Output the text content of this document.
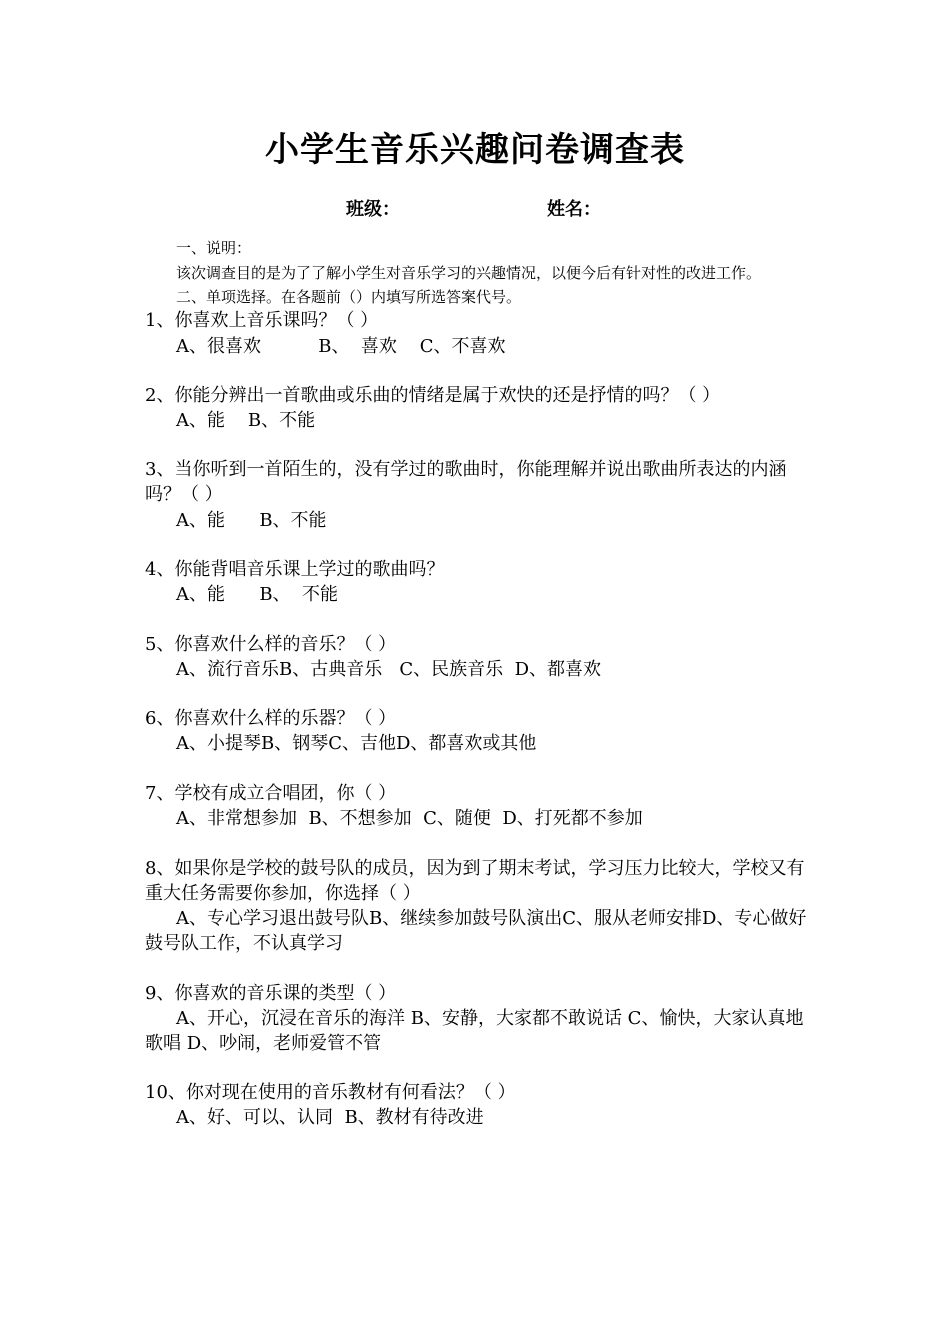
小学生音乐兴趣问卷调查表
班级：	姓名：
一、说明：
该次调查目的是为了了解小学生对音乐学习的兴趣情况，以便今后有针对性的改进工作。
二、单项选择。在各题前（）内填写所选答案代号。
1、你喜欢上音乐课吗？（ ）
A、很喜欢          B、  喜欢    C、不喜欢
2、你能分辨出一首歌曲或乐曲的情绪是属于欢快的还是抒情的吗？（ ）
A、能    B、不能
3、当你听到一首陌生的，没有学过的歌曲时，你能理解并说出歌曲所表达的内涵吗？（ ）
A、能      B、不能
4、你能背唱音乐课上学过的歌曲吗？
A、能      B、  不能
5、你喜欢什么样的音乐？（ ）
A、流行音乐B、古典音乐   C、民族音乐  D、都喜欢
6、你喜欢什么样的乐器？（ ）
A、小提琴B、钢琴C、吉他D、都喜欢或其他
7、学校有成立合唱团，你（ ）
A、非常想参加  B、不想参加  C、随便  D、打死都不参加
8、如果你是学校的鼓号队的成员，因为到了期末考试，学习压力比较大，学校又有重大任务需要你参加，你选择（ ）
A、专心学习退出鼓号队B、继续参加鼓号队演出C、服从老师安排D、专心做好鼓号队工作，不认真学习
9、你喜欢的音乐课的类型（ ）
A、开心，沉浸在音乐的海洋 B、安静，大家都不敢说话 C、愉快，大家认真地歌唱 D、吵闹，老师爱管不管
10、你对现在使用的音乐教材有何看法？（ ）
A、好、可以、认同  B、教材有待改进
